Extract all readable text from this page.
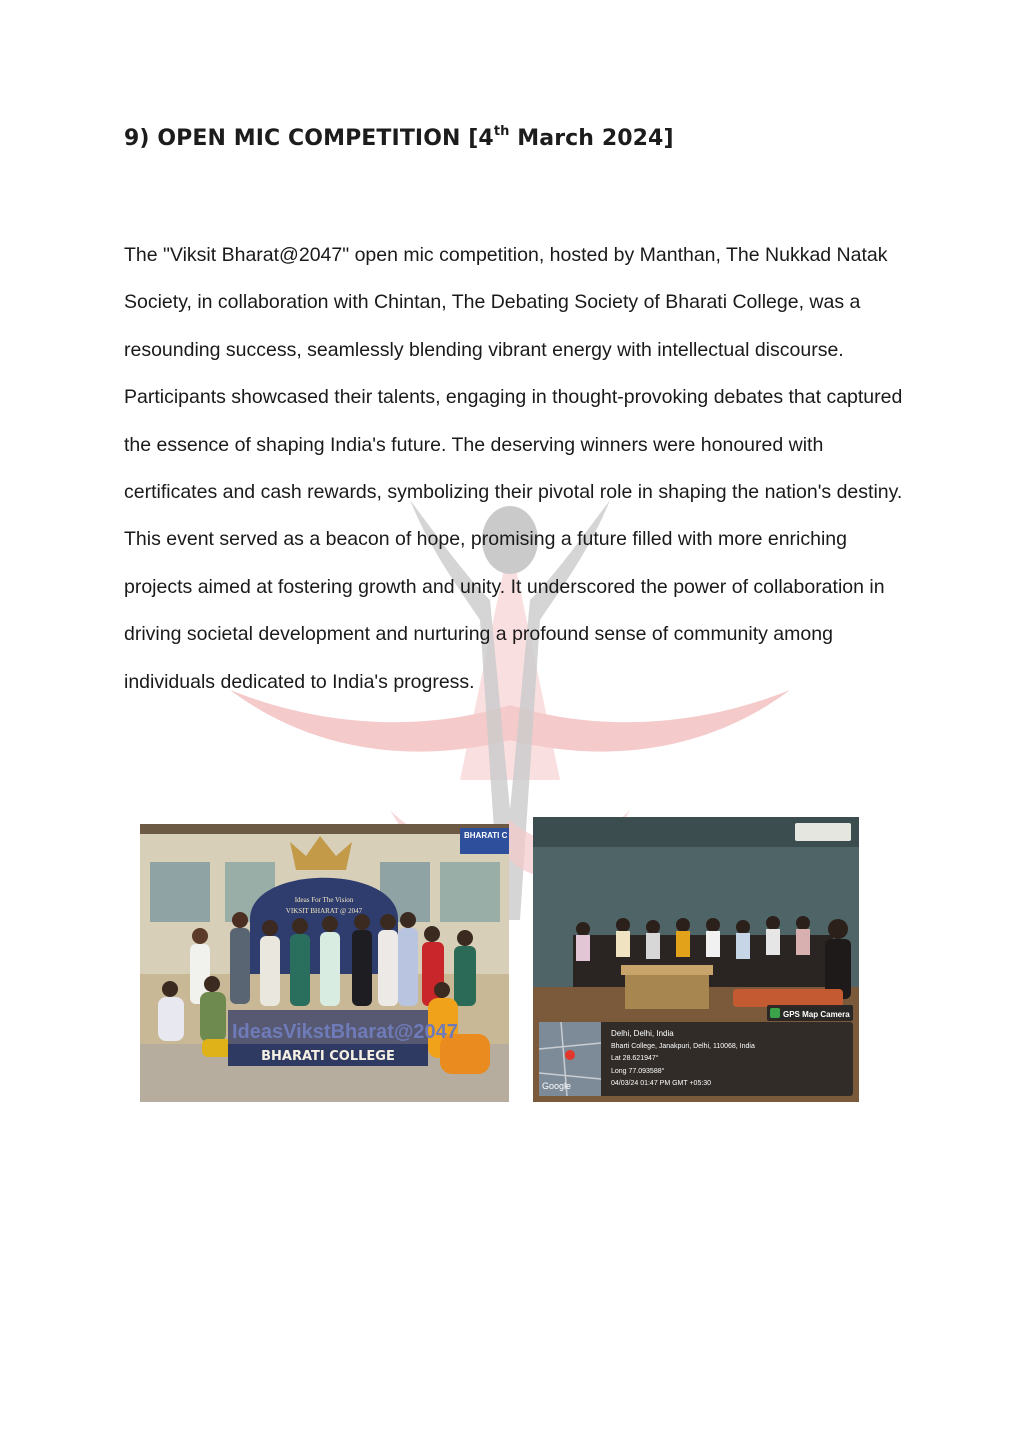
9) OPEN MIC COMPETITION [4th March 2024]

The "Viksit Bharat@2047" open mic competition, hosted by Manthan, The Nukkad Natak Society, in collaboration with Chintan, The Debating Society of Bharati College, was a resounding success, seamlessly blending vibrant energy with intellectual discourse. Participants showcased their talents, engaging in thought-provoking debates that captured the essence of shaping India's future. The deserving winners were honoured with certificates and cash rewards, symbolizing their pivotal role in shaping the nation's destiny. This event served as a beacon of hope, promising a future filled with more enriching projects aimed at fostering growth and unity. It underscored the power of collaboration in driving societal development and nurturing a profound sense of community among individuals dedicated to India's progress.

BHARATI C
Ideas For The Vision
VIKSIT BHARAT @ 2047
IdeasVikstBharat@2047
BHARATI COLLEGE
Google
GPS Map Camera
Delhi, Delhi, India
Bharti College, Janakpuri, Delhi, 110068, India
Lat 28.621947°
Long 77.093588°
04/03/24 01:47 PM GMT +05:30
